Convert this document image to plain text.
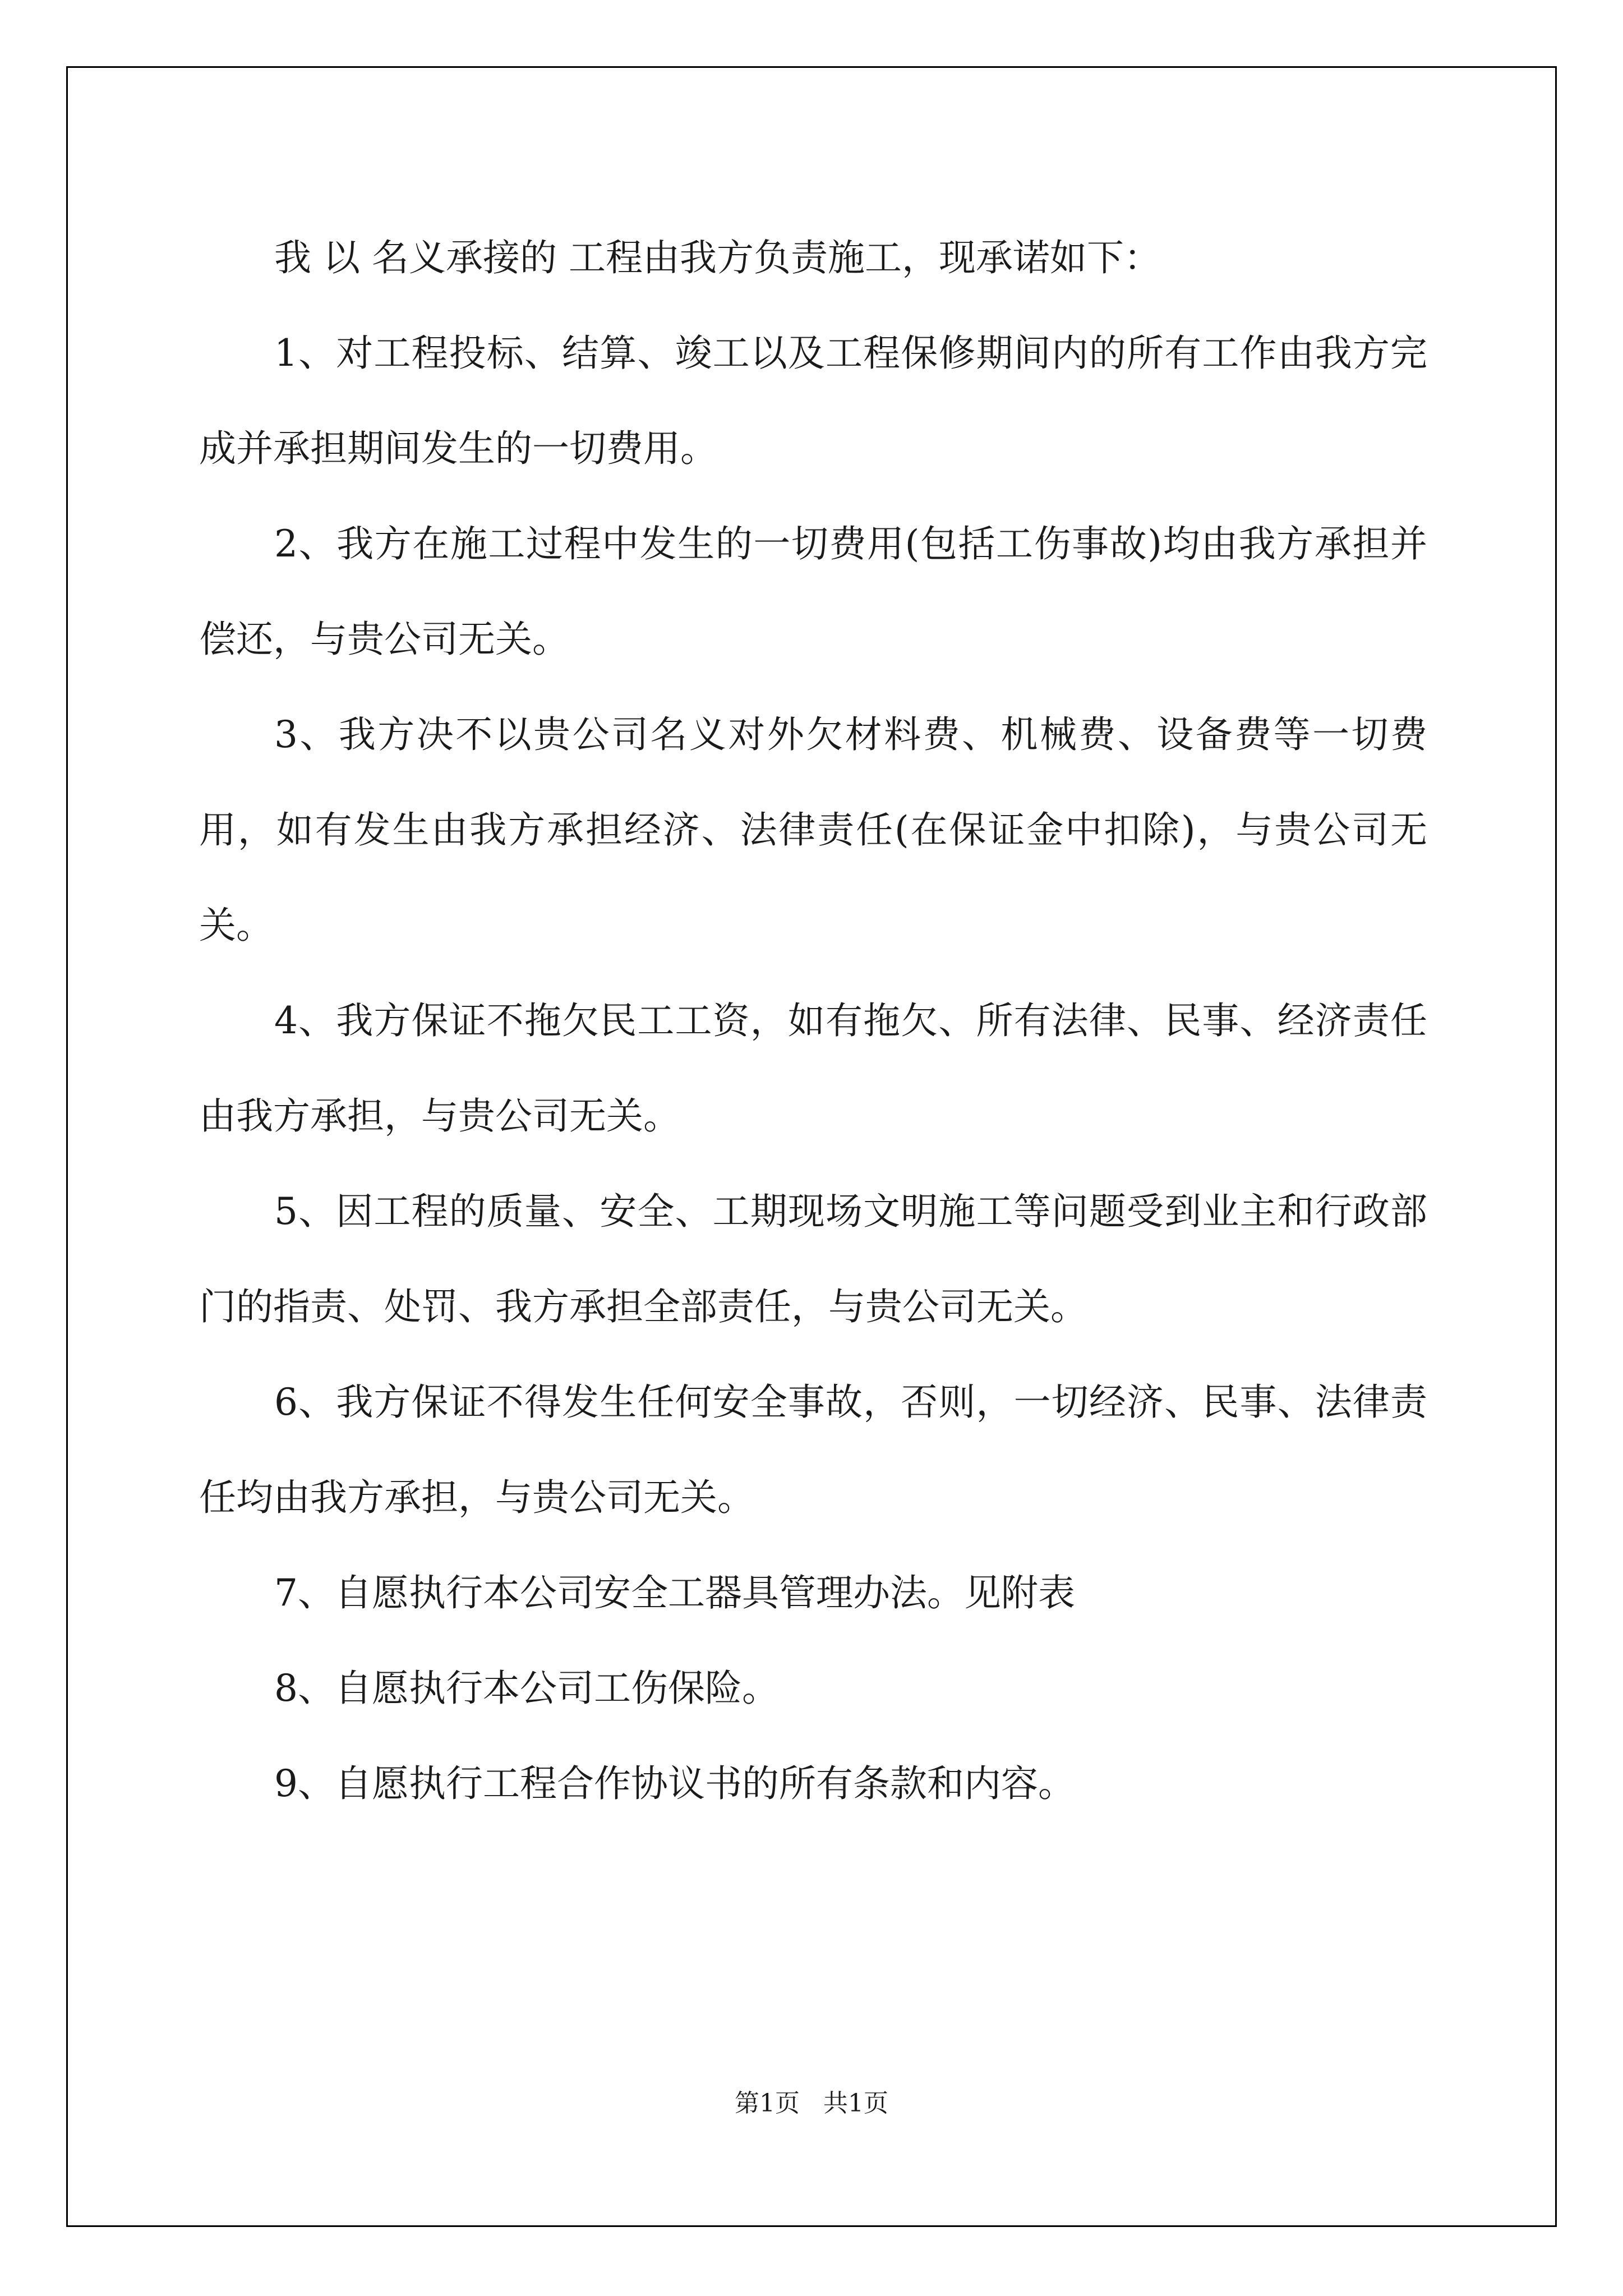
我 以 名义承接的 工程由我方负责施工，现承诺如下：

1、对工程投标、结算、竣工以及工程保修期间内的所有工作由我方完成并承担期间发生的一切费用。

2、我方在施工过程中发生的一切费用(包括工伤事故)均由我方承担并偿还，与贵公司无关。

3、我方决不以贵公司名义对外欠材料费、机械费、设备费等一切费用，如有发生由我方承担经济、法律责任(在保证金中扣除)，与贵公司无关。

4、我方保证不拖欠民工工资，如有拖欠、所有法律、民事、经济责任由我方承担，与贵公司无关。

5、因工程的质量、安全、工期现场文明施工等问题受到业主和行政部门的指责、处罚、我方承担全部责任，与贵公司无关。

6、我方保证不得发生任何安全事故，否则，一切经济、民事、法律责任均由我方承担，与贵公司无关。

7、自愿执行本公司安全工器具管理办法。见附表

8、自愿执行本公司工伤保险。

9、自愿执行工程合作协议书的所有条款和内容。

第1页   共1页
